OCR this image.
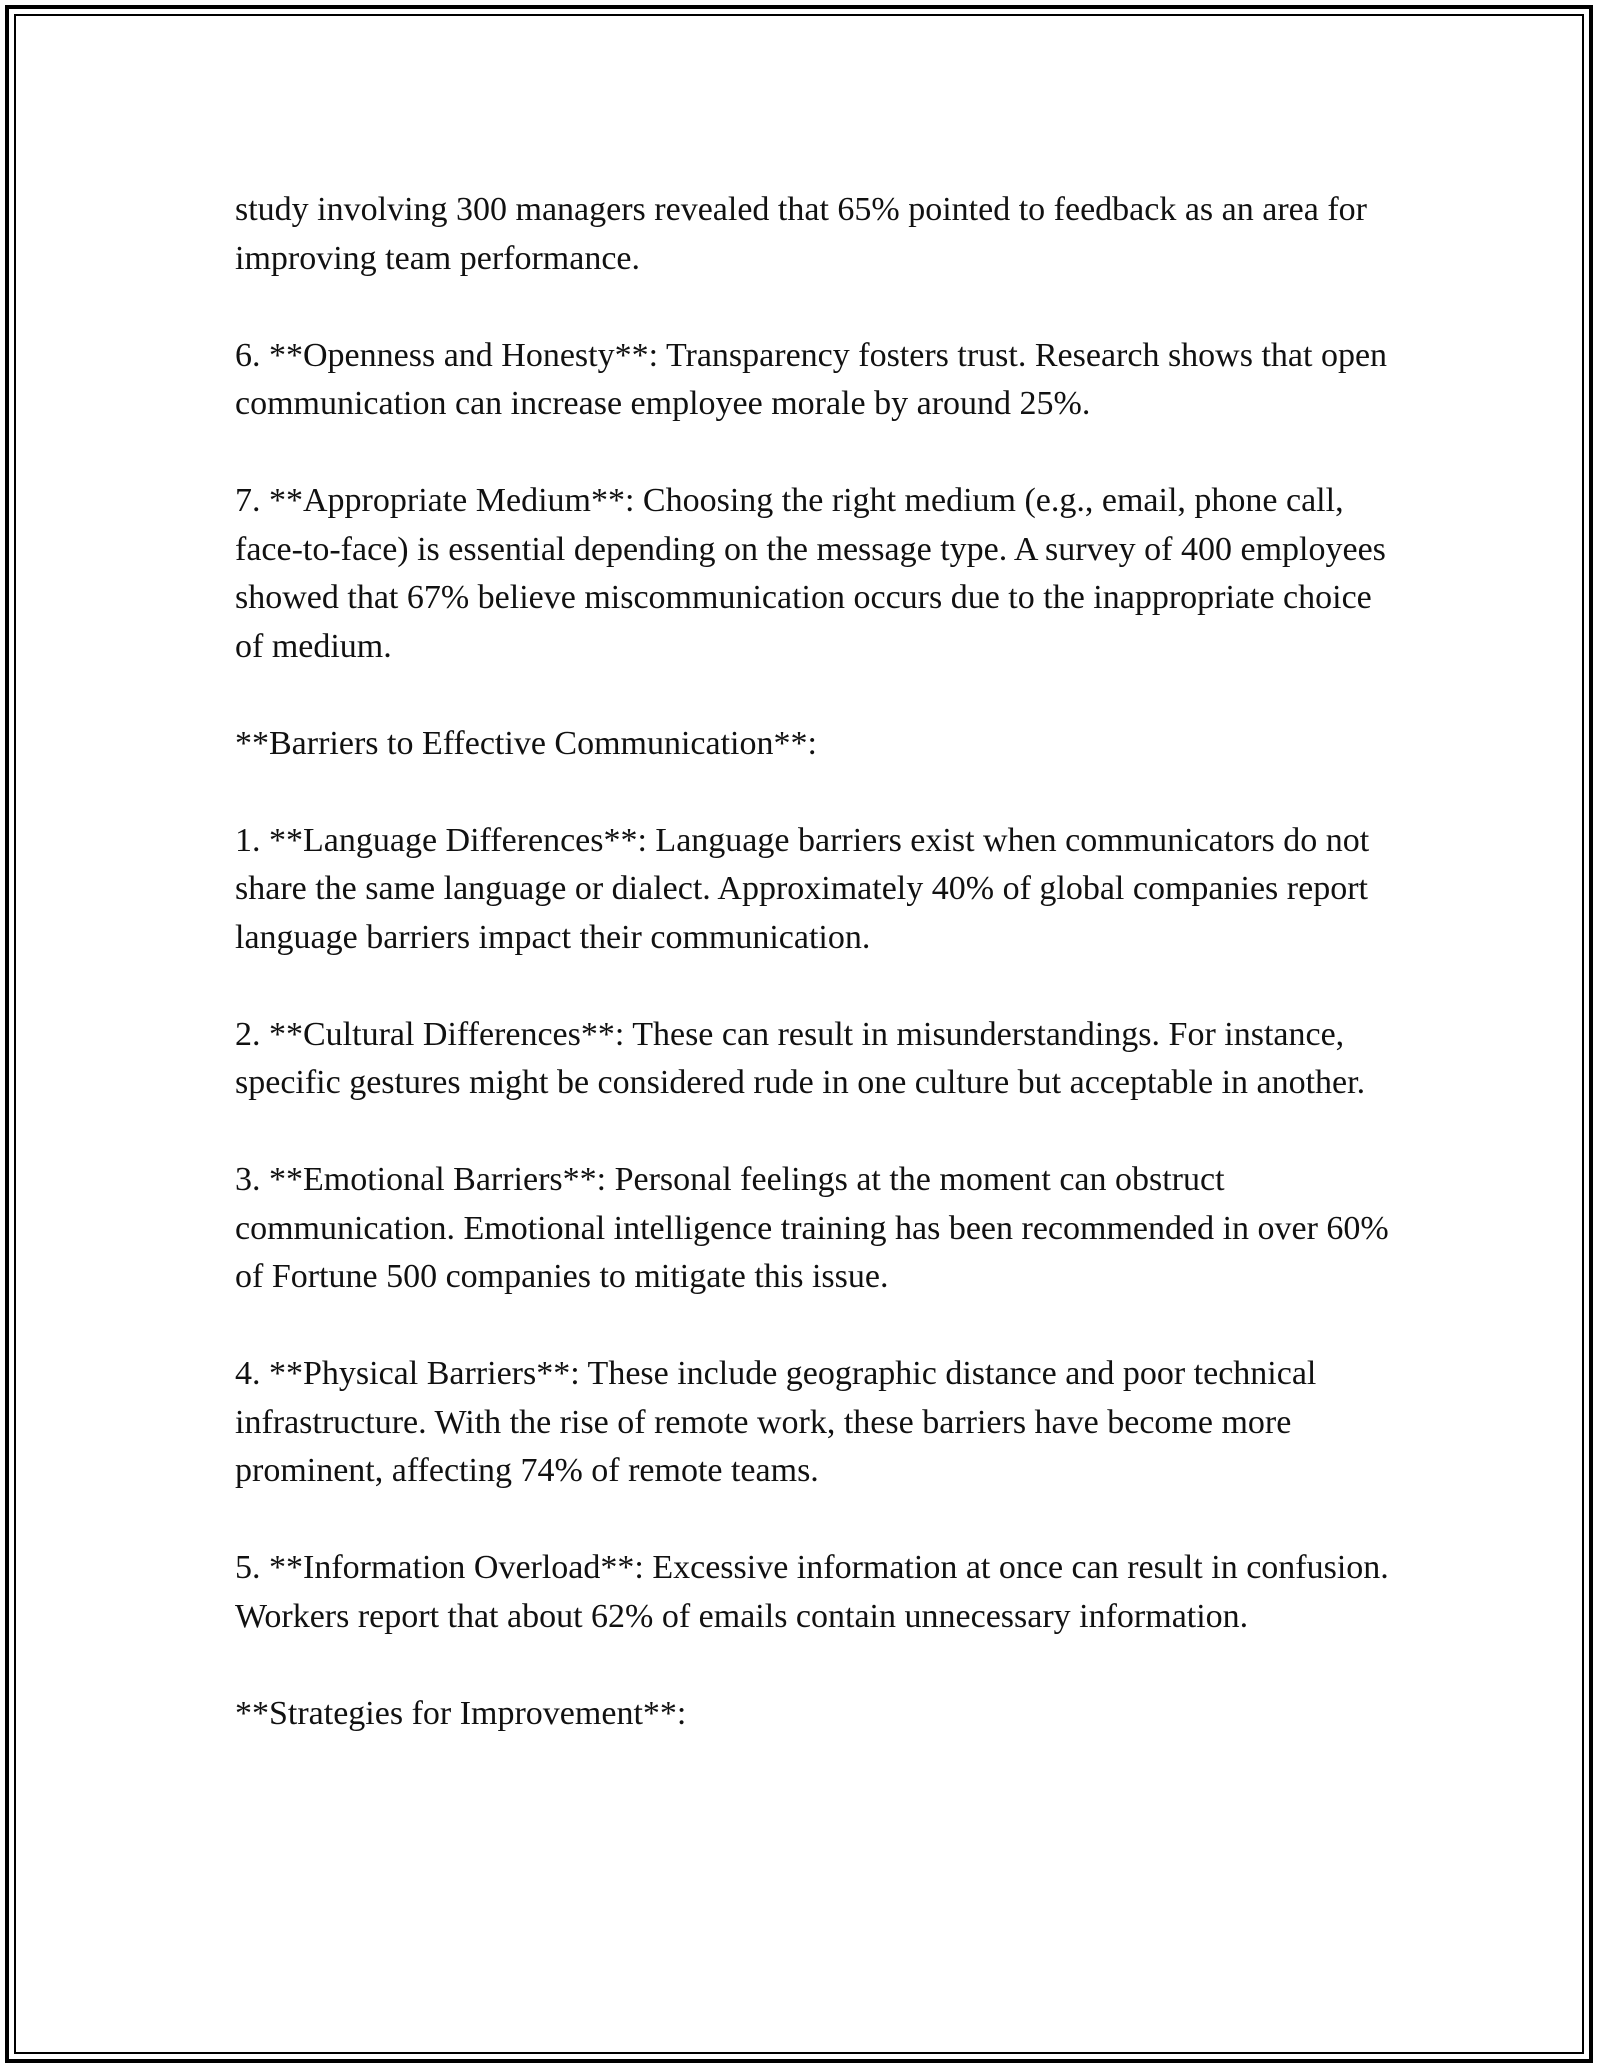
study involving 300 managers revealed that 65% pointed to feedback as an area for improving team performance.

6. **Openness and Honesty**: Transparency fosters trust. Research shows that open communication can increase employee morale by around 25%.

7. **Appropriate Medium**: Choosing the right medium (e.g., email, phone call, face-to-face) is essential depending on the message type. A survey of 400 employees showed that 67% believe miscommunication occurs due to the inappropriate choice of medium.

**Barriers to Effective Communication**:

1. **Language Differences**: Language barriers exist when communicators do not share the same language or dialect. Approximately 40% of global companies report language barriers impact their communication.

2. **Cultural Differences**: These can result in misunderstandings. For instance, specific gestures might be considered rude in one culture but acceptable in another.

3. **Emotional Barriers**: Personal feelings at the moment can obstruct communication. Emotional intelligence training has been recommended in over 60% of Fortune 500 companies to mitigate this issue.

4. **Physical Barriers**: These include geographic distance and poor technical infrastructure. With the rise of remote work, these barriers have become more prominent, affecting 74% of remote teams.

5. **Information Overload**: Excessive information at once can result in confusion. Workers report that about 62% of emails contain unnecessary information.

**Strategies for Improvement**:
